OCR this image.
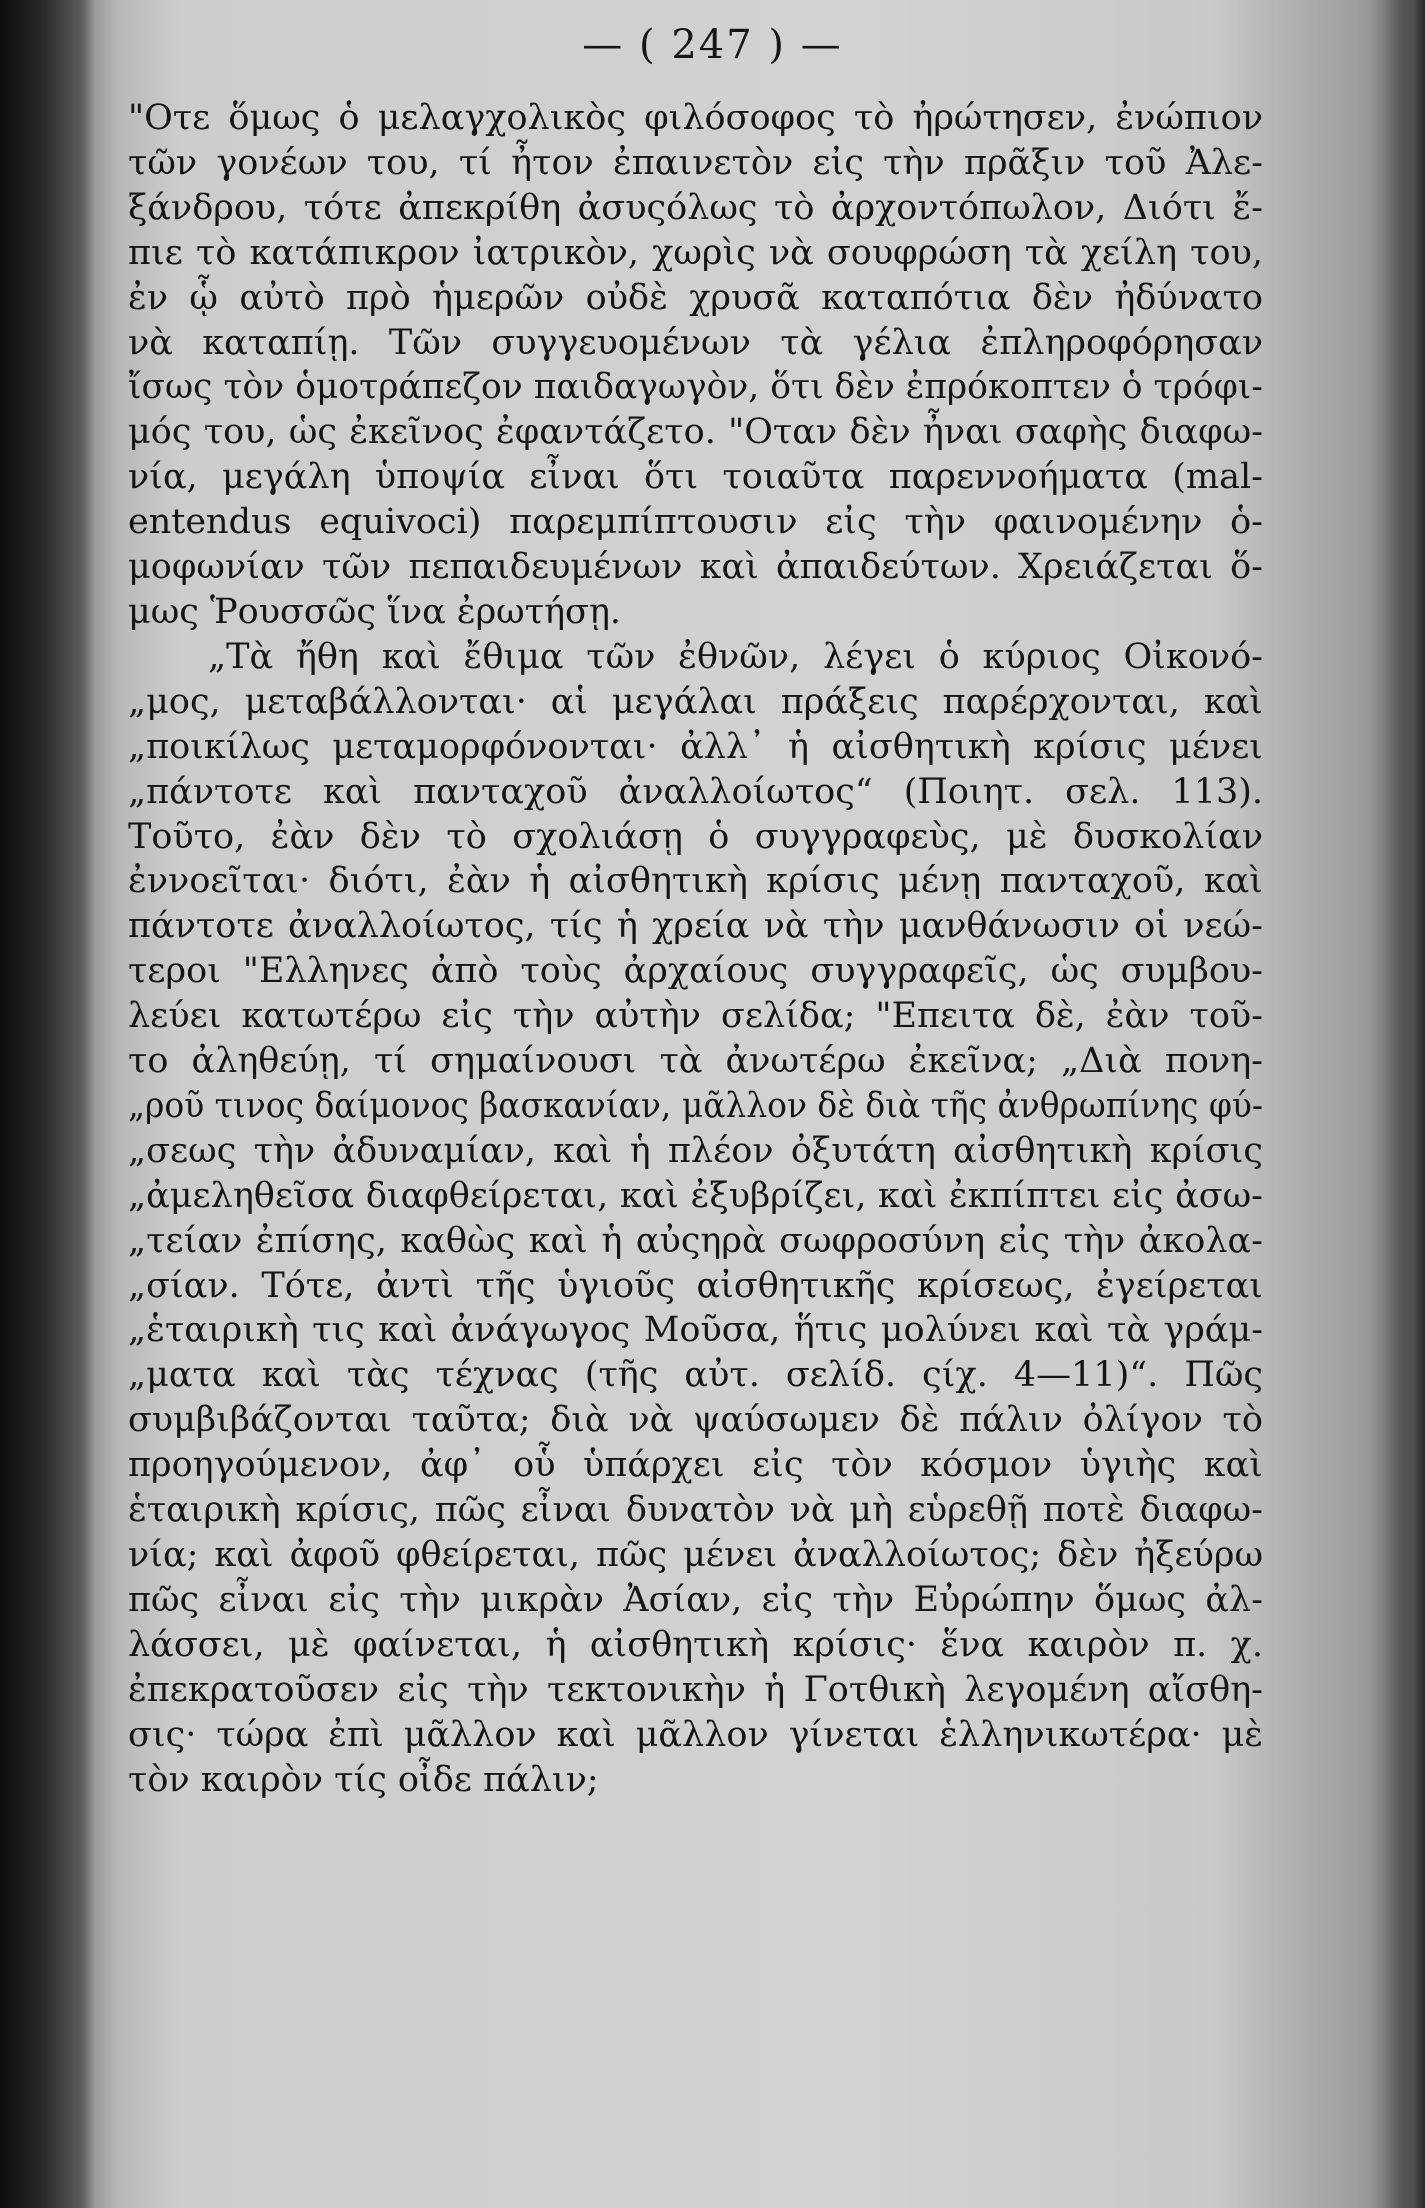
— ( 247 ) —
"Οτε ὅμως ὁ μελαγχολικὸς φιλόσοφος τὸ ἠρώτησεν, ἐνώπιον
τῶν γονέων του, τί ἦτον ἐπαινετὸν εἰς τὴν πρᾶξιν τοῦ Ἀλε-
ξάνδρου, τότε ἀπεκρίθη ἀσυςόλως τὸ ἀρχοντόπωλον, Διότι ἔ-
πιε τὸ κατάπικρον ἰατρικὸν, χωρὶς νὰ σουφρώση τὰ χείλη του,
ἐν ᾧ αὐτὸ πρὸ ἡμερῶν οὐδὲ χρυσᾶ καταπότια δὲν ἠδύνατο
νὰ καταπίῃ. Τῶν συγγευομένων τὰ γέλια ἐπληροφόρησαν
ἴσως τὸν ὁμοτράπεζον παιδαγωγὸν, ὅτι δὲν ἐπρόκοπτεν ὁ τρόφι-
μός του, ὡς ἐκεῖνος ἐφαντάζετο. "Οταν δὲν ἦναι σαφὴς διαφω-
νία, μεγάλη ὑποψία εἶναι ὅτι τοιαῦτα παρεννοήματα (mal-
entendus equivoci) παρεμπίπτουσιν εἰς τὴν φαινομένην ὁ-
μοφωνίαν τῶν πεπαιδευμένων καὶ ἀπαιδεύτων. Χρειάζεται ὅ-
μως Ῥουσσῶς ἵνα ἐρωτήσῃ.
„Τὰ ἤθη καὶ ἔθιμα τῶν ἐθνῶν, λέγει ὁ κύριος Οἰκονό-
„μος, μεταβάλλονται· αἱ μεγάλαι πράξεις παρέρχονται, καὶ
„ποικίλως μεταμορφόνονται· ἀλλ᾿ ἡ αἰσθητικὴ κρίσις μένει
„πάντοτε καὶ πανταχοῦ ἀναλλοίωτος“ (Ποιητ. σελ. 113).
Τοῦτο, ἐὰν δὲν τὸ σχολιάσῃ ὁ συγγραφεὺς, μὲ δυσκολίαν
ἐννοεῖται· διότι, ἐὰν ἡ αἰσθητικὴ κρίσις μένῃ πανταχοῦ, καὶ
πάντοτε ἀναλλοίωτος, τίς ἡ χρεία νὰ τὴν μανθάνωσιν οἱ νεώ-
τεροι "Ελληνες ἀπὸ τοὺς ἀρχαίους συγγραφεῖς, ὡς συμβου-
λεύει κατωτέρω εἰς τὴν αὐτὴν σελίδα; "Επειτα δὲ, ἐὰν τοῦ-
το ἀληθεύῃ, τί σημαίνουσι τὰ ἀνωτέρω ἐκεῖνα; „Διὰ πονη-
„ροῦ τινος δαίμονος βασκανίαν, μᾶλλον δὲ διὰ τῆς ἀνθρωπίνης φύ-
„σεως τὴν ἀδυναμίαν, καὶ ἡ πλέον ὀξυτάτη αἰσθητικὴ κρίσις
„ἀμεληθεῖσα διαφθείρεται, καὶ ἐξυβρίζει, καὶ ἐκπίπτει εἰς ἀσω-
„τείαν ἐπίσης, καθὼς καὶ ἡ αὐςηρὰ σωφροσύνη εἰς τὴν ἀκολα-
„σίαν. Τότε, ἀντὶ τῆς ὑγιοῦς αἰσθητικῆς κρίσεως, ἐγείρεται
„ἑταιρικὴ τις καὶ ἀνάγωγος Μοῦσα, ἥτις μολύνει καὶ τὰ γράμ-
„ματα καὶ τὰς τέχνας (τῆς αὐτ. σελίδ. ςίχ. 4—11)“. Πῶς
συμβιβάζονται ταῦτα; διὰ νὰ ψαύσωμεν δὲ πάλιν ὀλίγον τὸ
προηγούμενον, ἀφ᾿ οὗ ὑπάρχει εἰς τὸν κόσμον ὑγιὴς καὶ
ἑταιρικὴ κρίσις, πῶς εἶναι δυνατὸν νὰ μὴ εὑρεθῇ ποτὲ διαφω-
νία; καὶ ἀφοῦ φθείρεται, πῶς μένει ἀναλλοίωτος; δὲν ἠξεύρω
πῶς εἶναι εἰς τὴν μικρὰν Ἀσίαν, εἰς τὴν Εὐρώπην ὅμως ἀλ-
λάσσει, μὲ φαίνεται, ἡ αἰσθητικὴ κρίσις· ἕνα καιρὸν π. χ.
ἐπεκρατοῦσεν εἰς τὴν τεκτονικὴν ἡ Γοτθικὴ λεγομένη αἴσθη-
σις· τώρα ἐπὶ μᾶλλον καὶ μᾶλλον γίνεται ἑλληνικωτέρα· μὲ
τὸν καιρὸν τίς οἶδε πάλιν;
